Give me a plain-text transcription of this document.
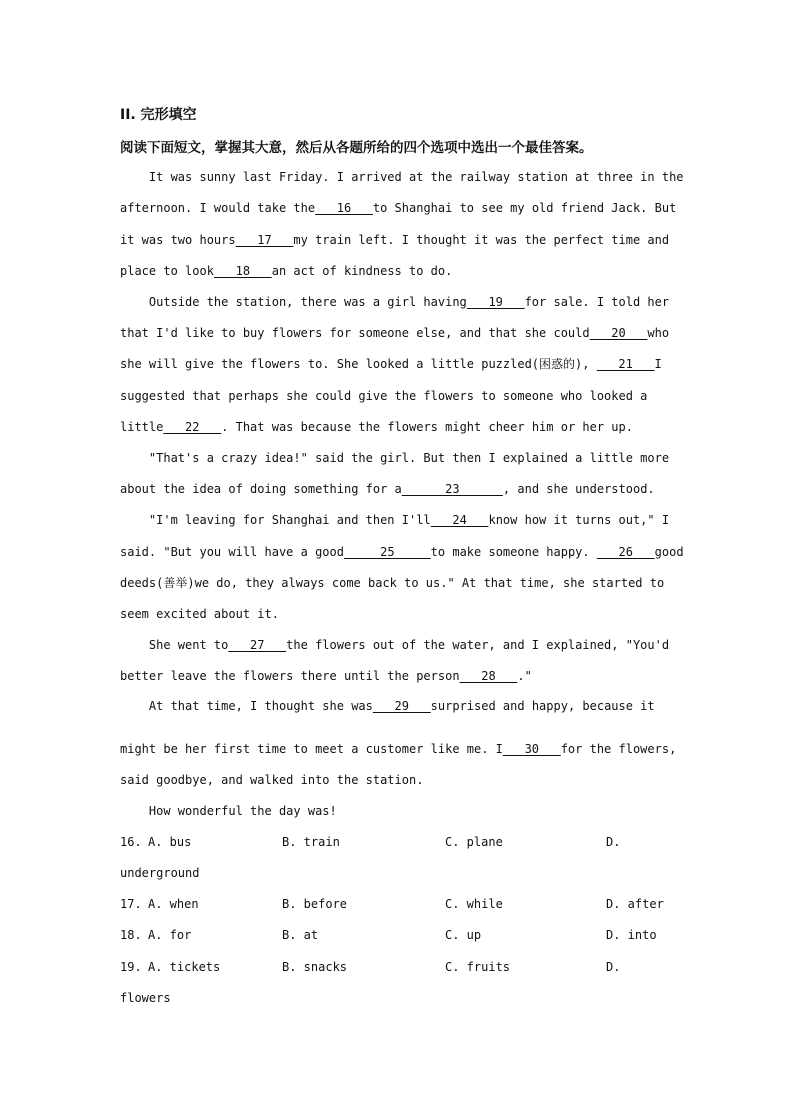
II. 完形填空
阅读下面短文，掌握其大意，然后从各题所给的四个选项中选出一个最佳答案。
It was sunny last Friday. I arrived at the railway station at three in the
afternoon. I would take the   16   to Shanghai to see my old friend Jack. But
it was two hours   17   my train left. I thought it was the perfect time and
place to look   18   an act of kindness to do.
Outside the station, there was a girl having   19   for sale. I told her
that I'd like to buy flowers for someone else, and that she could   20   who
she will give the flowers to. She looked a little puzzled(困惑的),    21   I
suggested that perhaps she could give the flowers to someone who looked a
little   22   . That was because the flowers might cheer him or her up.
"That's a crazy idea!" said the girl. But then I explained a little more
about the idea of doing something for a      23      , and she understood.
"I'm leaving for Shanghai and then I'll   24   know how it turns out," I
said. "But you will have a good     25     to make someone happy.    26   good
deeds(善举)we do, they always come back to us." At that time, she started to
seem excited about it.
She went to   27   the flowers out of the water, and I explained, "You'd
better leave the flowers there until the person   28   ."
At that time, I thought she was   29   surprised and happy, because it
might be her first time to meet a customer like me. I   30   for the flowers,
said goodbye, and walked into the station.
How wonderful the day was!
16. A. bus	B. train	C. plane	D.
underground
17. A. when	B. before	C. while	D. after
18. A. for	B. at	C. up	D. into
19. A. tickets	B. snacks	C. fruits	D.
flowers
